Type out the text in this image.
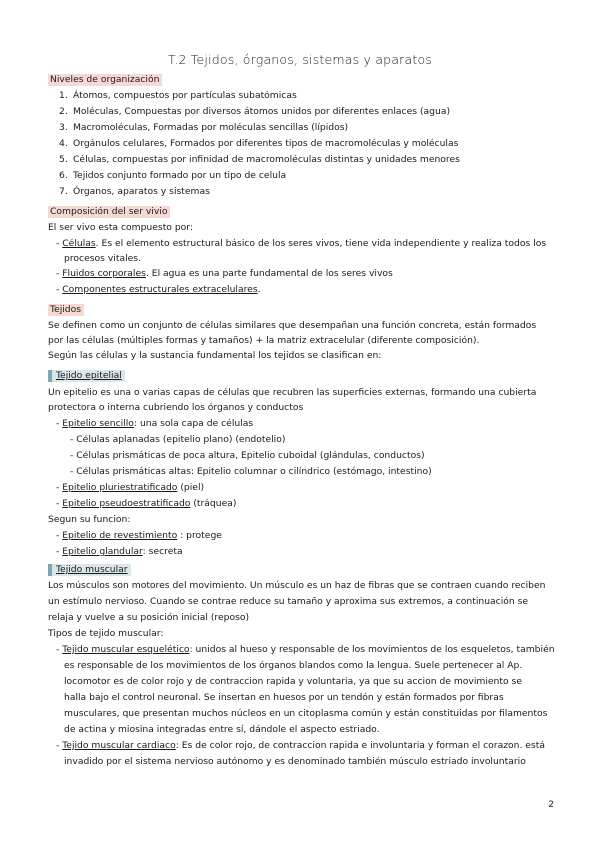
T.2 Tejidos, órganos, sistemas y aparatos
Niveles de organización
1. Átomos, compuestos por partículas subatómicas
2. Moléculas, Compuestas por diversos átomos unidos por diferentes enlaces (agua)
3. Macromoléculas, Formadas por moléculas sencillas (lípidos)
4. Orgánulos celulares, Formados por diferentes tipos de macromoléculas y moléculas
5. Células, compuestas por infinidad de macromoléculas distintas y unidades menores
6. Tejidos conjunto formado por un tipo de celula
7. Órganos, aparatos y sistemas
Composición del ser vivio
El ser vivo esta compuesto por:
- Células. Es el elemento estructural básico de los seres vivos, tiene vida independiente y realiza todos los
procesos vitales.
- Fluidos corporales. El agua es una parte fundamental de los seres vivos
- Componentes estructurales extracelulares.
Tejidos
Se definen como un conjunto de células similares que desempañan una función concreta, están formados
por las células (múltiples formas y tamaños) + la matriz extracelular (diferente composición).
Según las células y la sustancia fundamental los tejidos se clasifican en:
Tejido epitelial
Un epitelio es una o varias capas de células que recubren las superficies externas, formando una cubierta
protectora o interna cubriendo los órganos y conductos
- Epitelio sencillo: una sola capa de células
- Células aplanadas (epitelio plano) (endotelio)
- Células prismáticas de poca altura, Epitelio cuboidal (glándulas, conductos)
- Células prismáticas altas: Epitelio columnar o cilíndrico (estómago, intestino)
- Epitelio pluriestratificado (piel)
- Epitelio pseudoestratificado (tráquea)
Segun su funcion:
- Epitelio de revestimiento : protege
- Epitelio glandular: secreta
Tejido muscular
Los músculos son motores del movimiento. Un músculo es un haz de fibras que se contraen cuando reciben
un estímulo nervioso. Cuando se contrae reduce su tamaño y aproxima sus extremos, a continuación se
relaja y vuelve a su posición inicial (reposo)
Tipos de tejido muscular:
- Tejido muscular esquelético: unidos al hueso y responsable de los movimientos de los esqueletos, también
es responsable de los movimientos de los órganos blandos como la lengua. Suele pertenecer al Ap.
locomotor es de color rojo y de contraccion rapida y voluntaria, ya que su accion de movimiento se
halla bajo el control neuronal. Se insertan en huesos por un tendón y están formados por fibras
musculares, que presentan muchos núcleos en un citoplasma común y están constituidas por filamentos
de actina y miosina integradas entre sí, dándole el aspecto estriado.
- Tejido muscular cardiaco: Es de color rojo, de contraccion rapida e involuntaria y forman el corazon. está
invadido por el sistema nervioso autónomo y es denominado también músculo estriado involuntario
2
